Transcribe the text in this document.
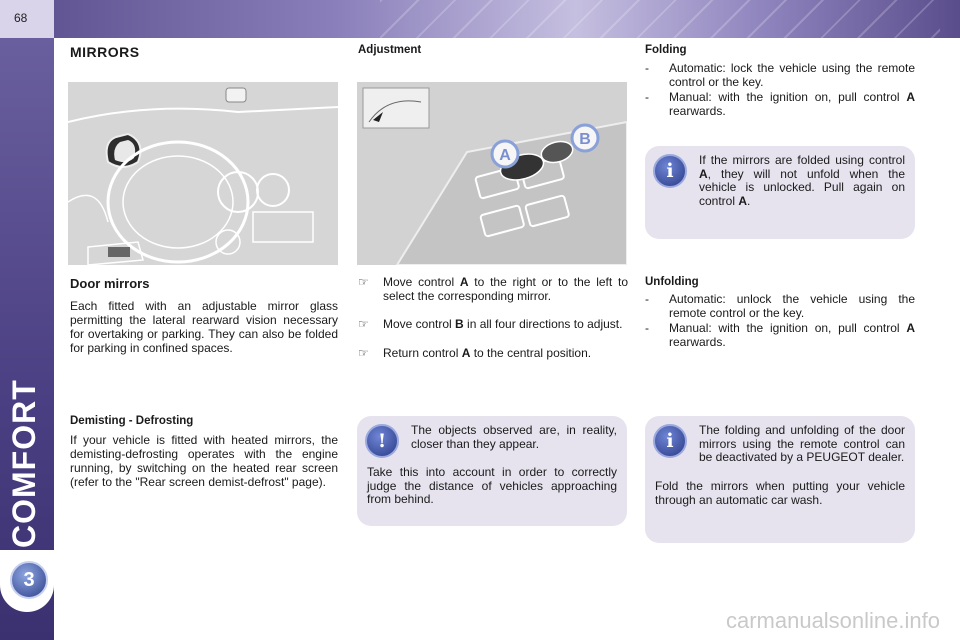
68
COMFORT
3
MIRRORS
Door mirrors
Each fitted with an adjustable mirror glass permitting the lateral rearward vision necessary for overtaking or parking. They can also be folded for parking in confined spaces.
Demisting - Defrosting
If your vehicle is fitted with heated mirrors, the demisting-defrosting operates with the engine running, by switching on the heated rear screen (refer to the "Rear screen demist-defrost" page).
Adjustment
A
B
☞ Move control A to the right or to the left to select the corresponding mirror.
☞ Move control B in all four directions to adjust.
☞ Return control A to the central position.
!	The objects observed are, in reality, closer than they appear.
Take this into account in order to correctly judge the distance of vehicles approaching from behind.
Folding
- Automatic: lock the vehicle using the remote control or the key.
- Manual: with the ignition on, pull control A rearwards.
i	If the mirrors are folded using control A, they will not unfold when the vehicle is unlocked. Pull again on control A.
Unfolding
- Automatic: unlock the vehicle using the remote control or the key.
- Manual: with the ignition on, pull control A rearwards.
i	The folding and unfolding of the door mirrors using the remote control can be deactivated by a PEUGEOT dealer.
Fold the mirrors when putting your vehicle through an automatic car wash.
carmanualsonline.info
